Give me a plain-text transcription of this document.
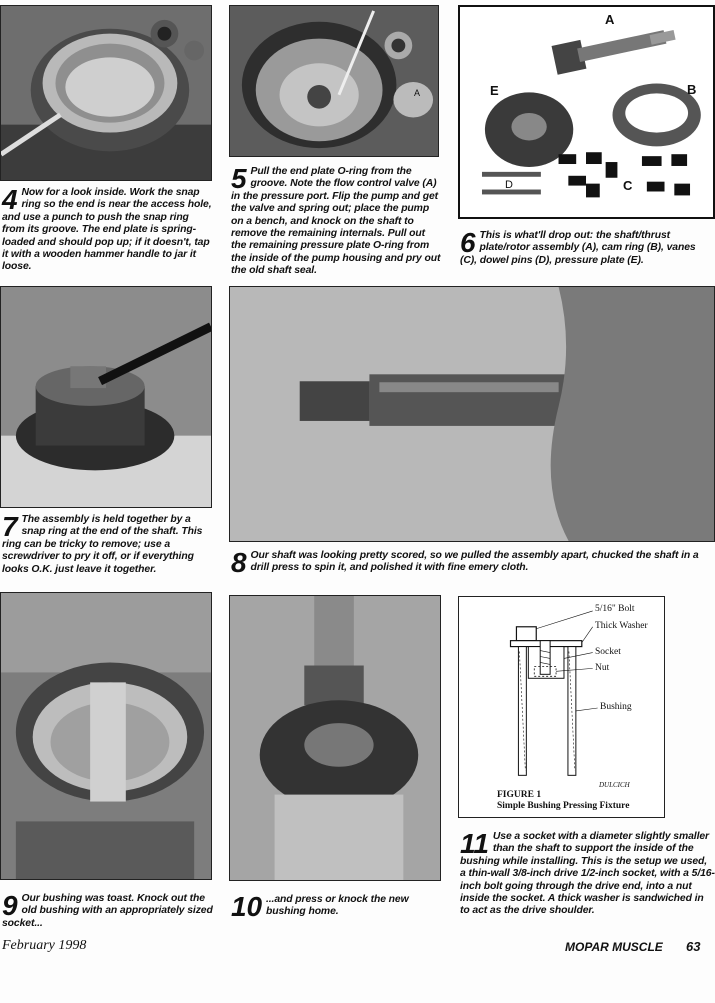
A
A
B
C
D
E
4 Now for a look inside. Work the snap ring so the end is near the access hole, and use a punch to push the snap ring from its groove. The end plate is spring-loaded and should pop up; if it doesn't, tap it with a wooden hammer handle to jar it loose.
5 Pull the end plate O-ring from the groove. Note the flow control valve (A) in the pressure port. Flip the pump and get the valve and spring out; place the pump on a bench, and knock on the shaft to remove the remaining internals. Pull out the remaining pressure plate O-ring from the inside of the pump housing and pry out the old shaft seal.
6 This is what'll drop out: the shaft/thrust plate/rotor assembly (A), cam ring (B), vanes (C), dowel pins (D), pressure plate (E).
7 The assembly is held together by a snap ring at the end of the shaft. This ring can be tricky to remove; use a screwdriver to pry it off, or if everything looks O.K. just leave it together.	8 Our shaft was looking pretty scored, so we pulled the assembly apart, chucked the shaft in a drill press to spin it, and polished it with fine emery cloth.
5/16" Bolt
Thick Washer
Socket
Nut
Bushing
DULCICH
FIGURE 1
Simple Bushing Pressing Fixture
11 Use a socket with a diameter slightly smaller than the shaft to support the inside of the bushing while installing. This is the setup we used, a thin-wall 3/8-inch drive 1/2-inch socket, with a 5/16-inch bolt going through the drive end, into a nut inside the socket. A thick washer is sandwiched in to act as the drive shoulder.
9 Our bushing was toast. Knock out the old bushing with an appropriately sized socket...
10 ...and press or knock the new bushing home.
February 1998	MOPAR MUSCLE 63
